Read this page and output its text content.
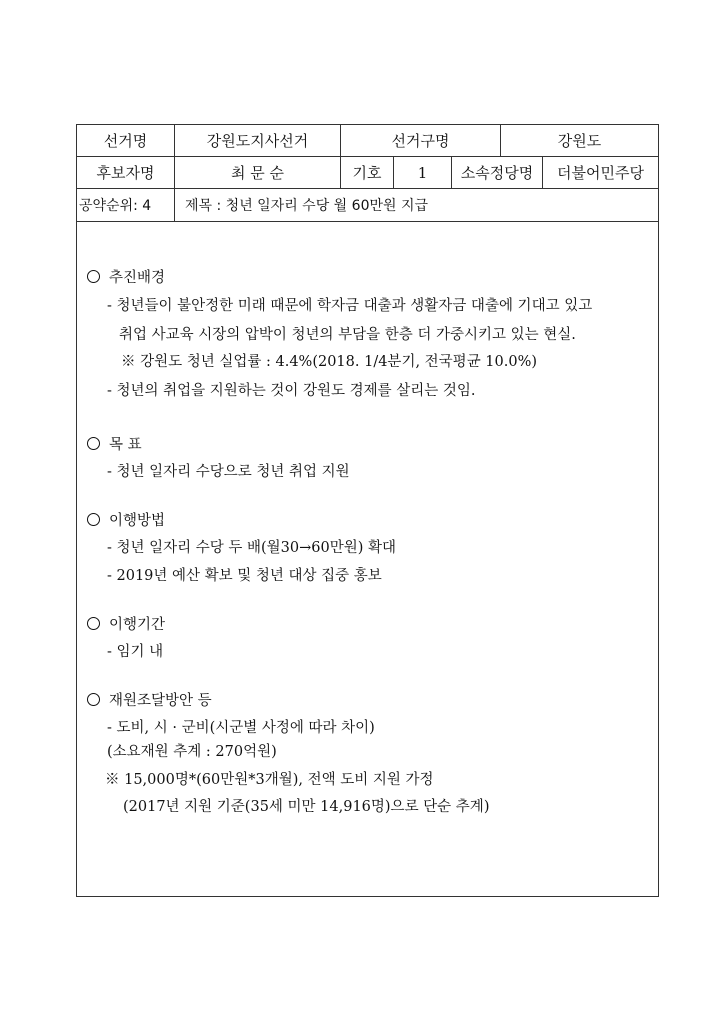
선거명	강원도지사선거	선거구명	강원도
후보자명	최 문 순	기호	1	소속정당명	더불어민주당
공약순위: 4	제목 : 청년 일자리 수당 월 60만원 지급
추진배경
- 청년들이 불안정한 미래 때문에 학자금 대출과 생활자금 대출에 기대고 있고
취업 사교육 시장의 압박이 청년의 부담을 한층 더 가중시키고 있는 현실.
※ 강원도 청년 실업률 : 4.4%(2018. 1/4분기, 전국평균 10.0%)
- 청년의 취업을 지원하는 것이 강원도 경제를 살리는 것임.
목 표
- 청년 일자리 수당으로 청년 취업 지원
이행방법
- 청년 일자리 수당 두 배(월30→60만원) 확대
- 2019년 예산 확보 및 청년 대상 집중 홍보
이행기간
- 임기 내
재원조달방안 등
- 도비, 시 · 군비(시군별 사정에 따라 차이)
(소요재원 추계 : 270억원)
※ 15,000명*(60만원*3개월), 전액 도비 지원 가정
(2017년 지원 기준(35세 미만 14,916명)으로 단순 추계)
